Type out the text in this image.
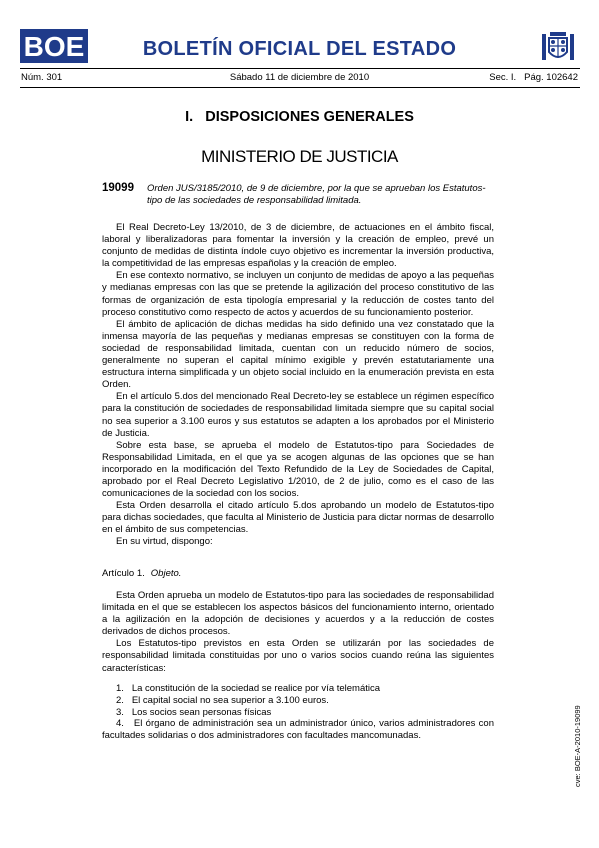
BOE	BOLETÍN OFICIAL DEL ESTADO
Núm. 301	Sábado 11 de diciembre de 2010	Sec. I.   Pág. 102642
I.   DISPOSICIONES GENERALES
MINISTERIO DE JUSTICIA
19099 Orden JUS/3185/2010, de 9 de diciembre, por la que se aprueban los Estatutos-tipo de las sociedades de responsabilidad limitada.

El Real Decreto-Ley 13/2010, de 3 de diciembre, de actuaciones en el ámbito fiscal, laboral y liberalizadoras para fomentar la inversión y la creación de empleo, prevé un conjunto de medidas de distinta índole cuyo objetivo es incrementar la inversión productiva, la competitividad de las empresas españolas y la creación de empleo.

En ese contexto normativo, se incluyen un conjunto de medidas de apoyo a las pequeñas y medianas empresas con las que se pretende la agilización del proceso constitutivo de las formas de organización de esta tipología empresarial y la reducción de costes tanto del proceso constitutivo como respecto de actos y acuerdos de su funcionamiento posterior.

El ámbito de aplicación de dichas medidas ha sido definido una vez constatado que la inmensa mayoría de las pequeñas y medianas empresas se constituyen con la forma de sociedad de responsabilidad limitada, cuentan con un reducido número de socios, generalmente no superan el capital mínimo exigible y prevén estatutariamente una estructura interna simplificada y un objeto social incluido en la enumeración prevista en esta Orden.

En el artículo 5.dos del mencionado Real Decreto-ley se establece un régimen específico para la constitución de sociedades de responsabilidad limitada siempre que su capital social no sea superior a 3.100 euros y sus estatutos se adapten a los aprobados por el Ministerio de Justicia.

Sobre esta base, se aprueba el modelo de Estatutos-tipo para Sociedades de Responsabilidad Limitada, en el que ya se acogen algunas de las opciones que se han incorporado en la modificación del Texto Refundido de la Ley de Sociedades de Capital, aprobado por el Real Decreto Legislativo 1/2010, de 2 de julio, como es el caso de las comunicaciones de la sociedad con los socios.

Esta Orden desarrolla el citado artículo 5.dos aprobando un modelo de Estatutos-tipo para dichas sociedades, que faculta al Ministerio de Justicia para dictar normas de desarrollo en el ámbito de sus competencias.

En su virtud, dispongo:

Artículo 1. Objeto.

Esta Orden aprueba un modelo de Estatutos-tipo para las sociedades de responsabilidad limitada en el que se establecen los aspectos básicos del funcionamiento interno, orientado a la agilización en la adopción de decisiones y acuerdos y a la reducción de costes derivados de dichos procesos.

Los Estatutos-tipo previstos en esta Orden se utilizarán por las sociedades de responsabilidad limitada constituidas por uno o varios socios cuando reúna las siguientes características:

1.   La constitución de la sociedad se realice por vía telemática

2.   El capital social no sea superior a 3.100 euros.

3.   Los socios sean personas físicas

4.   El órgano de administración sea un administrador único, varios administradores con facultades solidarias o dos administradores con facultades mancomunadas.	cve: BOE-A-2010-19099
